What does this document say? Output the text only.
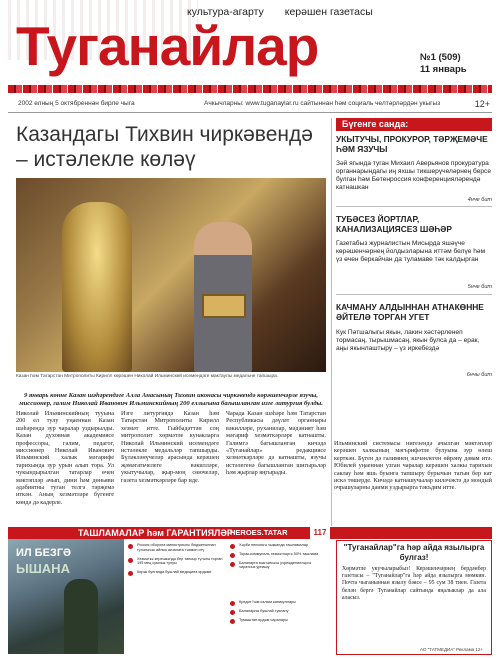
культура-агарту керәшен газетасы
Туганайлар	№1 (509)
11 январь
2002 елның 5 октябреннән бирле чыга	Ачкычларны: www.tuganaylar.ru сайтыннан һәм социаль челтәрләрдән укыгыз	12+
Казандагы Тихвин чиркәвендә – истәлекле көләү
Казан һәм Татарстан Митрополиты Кирилл көрәшен Николай Ильминский исемендәге мактаулы медальне тапшыра.
9 январь көнне Казан шәһәрендәге Алла Анасының Тихвин иконасы чиркәвендә көрәшенчәрле язучы, миссионер, галим Николай Иванович Ильминскийның 200 еллыгына багышланган изге литургия булды.
Николай Ильминскийның тууына 200 ел тулу уңаеннан Казан шәһәрендә зур чаралар уздырылды. Казан духовная академиясе профессоры, галим, педагог, миссионер Николай Иванович Ильминский халык мәгарифе тарихында зур урын алып тора. Ул чукындырылган татарлар өчен мәктәпләр ачып, дини һәм дөньяви әдәбиятны туган телгә тәрҗемә иткән. Аның хезмәтләре бүгенге көндә дә кадерле.
Изге литургиядә Казан һәм Татарстан Митрополиты Кирилл хезмәт итте. Гыйбадәттән соң митрополит хөрмәтле кунакларга Николай Ильминский исемендәге истәлекле медальләр тапшырды. Бүләкләнүчеләр арасында керәшен җәмәгатьчелеге вәкилләре, укытучылар, җыр-моң сөючеләр, газета хезмәткәрләре бар иде.
Чарада Казан шәһәре һәм Татарстан Республикасы дәүләт органнары вәкилләре, руханилар, мәдәният һәм мәгариф хезмәткәрләре катнашты. Галимгә багышланган кичәдә «Туганайлар» редакциясе хезмәткәрләре дә катнашты, язучы истәлегенә багышланган шигырьләр һәм җырлар яңгырады.
Ильминский системасы нигезендә ачылган мәктәпләр керәшен халкының мәгърифәтле булуына зур өлеш керткән. Бүген дә галимнең эшчәнлеген өйрәнү дәвам итә. Юбилей уңаеннан узган чаралар керәшен халкы тарихын саклау һәм яшь буынга тапшыру бурычын тагын бер кат искә төшерде. Кичәдә катнашучылар киләчәктә дә мондый очрашуларны даими уздырырга тәкъдим итте.
Бүгенге санда:
УКЫТУЧЫ, ПРОКУРОР, ТӘРҖЕМӘЧЕ ҺӘМ ЯЗУЧЫ
Зәй ягында туган Михаил Аверьянов прокуратура органнарындагы иң яхшы тикшерүчеләрнең берсе булган һәм Бөтенроссия конференцияләрендә катнашкан
4нче бит
ТУБӘСЕЗ ЙОРТЛАР, КАНАЛИЗАЦИЯСЕЗ ШӘҺӘР
Газетабыз журналистын Мисырда яшәүче көрәшенчәрнең йолдызларына иттәм белүе һәм үз өчен беркайчан да туламаве тәк калдырган
5нче бит
КАЧМАНУ АЛДЫННАН АТНАКӨННЕ ӘЙТЕЛӘ ТОРГАН УГЕТ
Кук Пәтшалыгы якын, лакин хәстәрленеп тормасаң, тырышмасаң, якын булса да – ерак, аңы якынлаштыру – үз иркебездә
6нчы бит
ТАШЛАМАЛАР һәм ГАРАНТИЯЛӘР
HEROES.TATAR	117
ИЛ БЕЗГӘ
ЫШАНА
Россия оборона министрлыгы бюджетыннан түләнәчәк айлык акчалата тәэмин итү
Хезмәткә керешкәндә бер тапкыр түләнә торган 195 мең сумлык тулуы
Кирәк булганда бушлай медицина ярдәме
Хәрби пенсиягә чыкканда ташламалар
Торак-коммуналь хезмәтләргә 50% ташлама
Балаларга мәктәпкәчә учреждениеләргә чиратсыз урнашу
Кредит һәм салым каникуллары
Балаларны бушлай туклану
Тумыштан ярдәм чаралары
"Туганайлар"га һәр айда язылырга булгаз!
Хөрмәтле укучыларыбыз! Керәшенчәрнең бердәнбер газетасы – "Туганайлар"га һәр айда язылырга мөмкин. Почта чыганыннан язылу бәясе – 95 сум 38 тиен. Газета белән бергә Туганайлар сайтында яңалыклар да ала аласыз.
АО "ТАТМЕДИА" Реклама 12+
